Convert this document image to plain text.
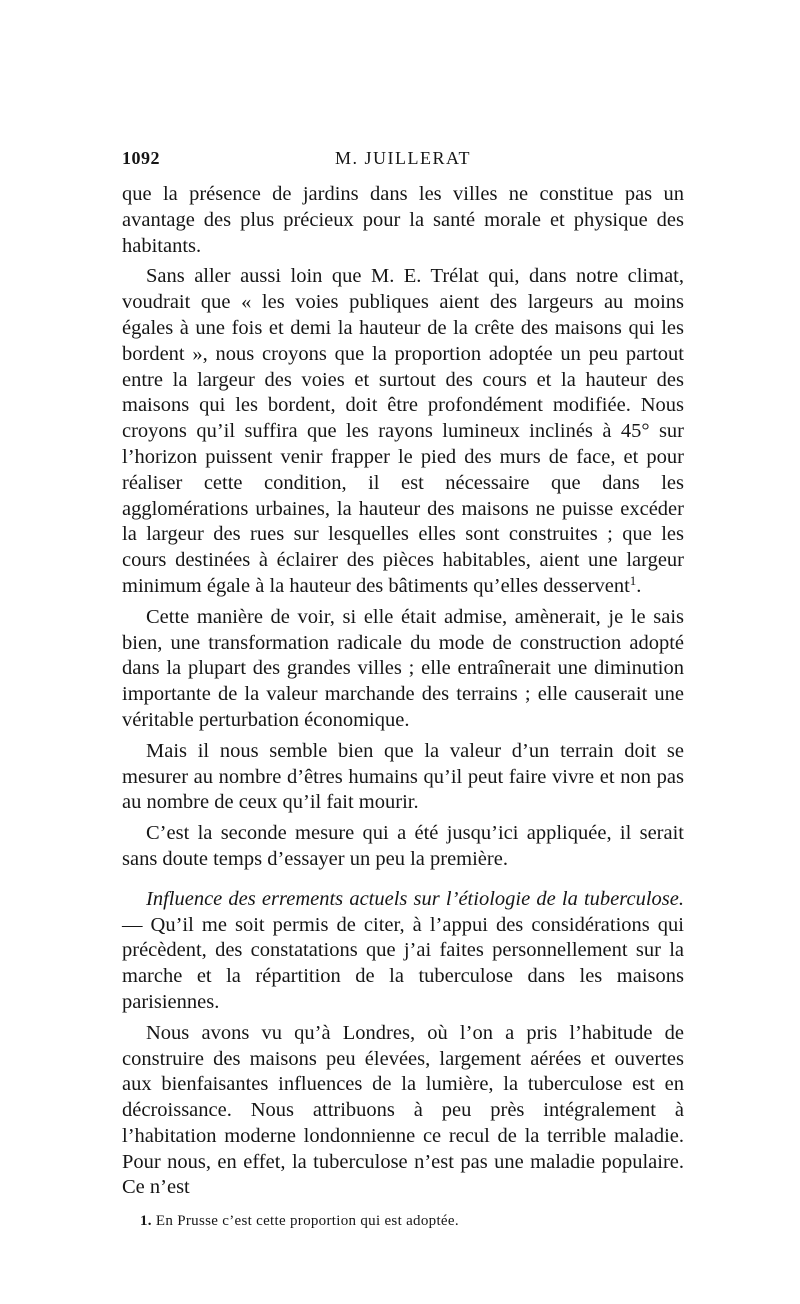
1092	M. JUILLERAT

que la présence de jardins dans les villes ne constitue pas un avantage des plus précieux pour la santé morale et physique des habitants.

Sans aller aussi loin que M. E. Trélat qui, dans notre climat, voudrait que « les voies publiques aient des largeurs au moins égales à une fois et demi la hauteur de la crête des maisons qui les bordent », nous croyons que la proportion adoptée un peu partout entre la largeur des voies et surtout des cours et la hauteur des maisons qui les bordent, doit être profondément modifiée. Nous croyons qu’il suffira que les rayons lumineux inclinés à 45° sur l’horizon puissent venir frapper le pied des murs de face, et pour réaliser cette condition, il est nécessaire que dans les agglomérations urbaines, la hauteur des maisons ne puisse excéder la largeur des rues sur lesquelles elles sont construites ; que les cours destinées à éclairer des pièces habitables, aient une largeur minimum égale à la hauteur des bâtiments qu’elles desservent$^1$.

Cette manière de voir, si elle était admise, amènerait, je le sais bien, une transformation radicale du mode de construction adopté dans la plupart des grandes villes ; elle entraînerait une diminution importante de la valeur marchande des terrains ; elle causerait une véritable perturbation économique.

Mais il nous semble bien que la valeur d’un terrain doit se mesurer au nombre d’êtres humains qu’il peut faire vivre et non pas au nombre de ceux qu’il fait mourir.

C’est la seconde mesure qui a été jusqu’ici appliquée, il serait sans doute temps d’essayer un peu la première.

Influence des errements actuels sur l’étiologie de la tuberculose. — Qu’il me soit permis de citer, à l’appui des considérations qui précèdent, des constatations que j’ai faites personnellement sur la marche et la répartition de la tuberculose dans les maisons parisiennes.

Nous avons vu qu’à Londres, où l’on a pris l’habitude de construire des maisons peu élevées, largement aérées et ouvertes aux bienfaisantes influences de la lumière, la tuberculose est en décroissance. Nous attribuons à peu près intégralement à l’habitation moderne londonnienne ce recul de la terrible maladie. Pour nous, en effet, la tuberculose n’est pas une maladie populaire. Ce n’est

1. En Prusse c’est cette proportion qui est adoptée.
